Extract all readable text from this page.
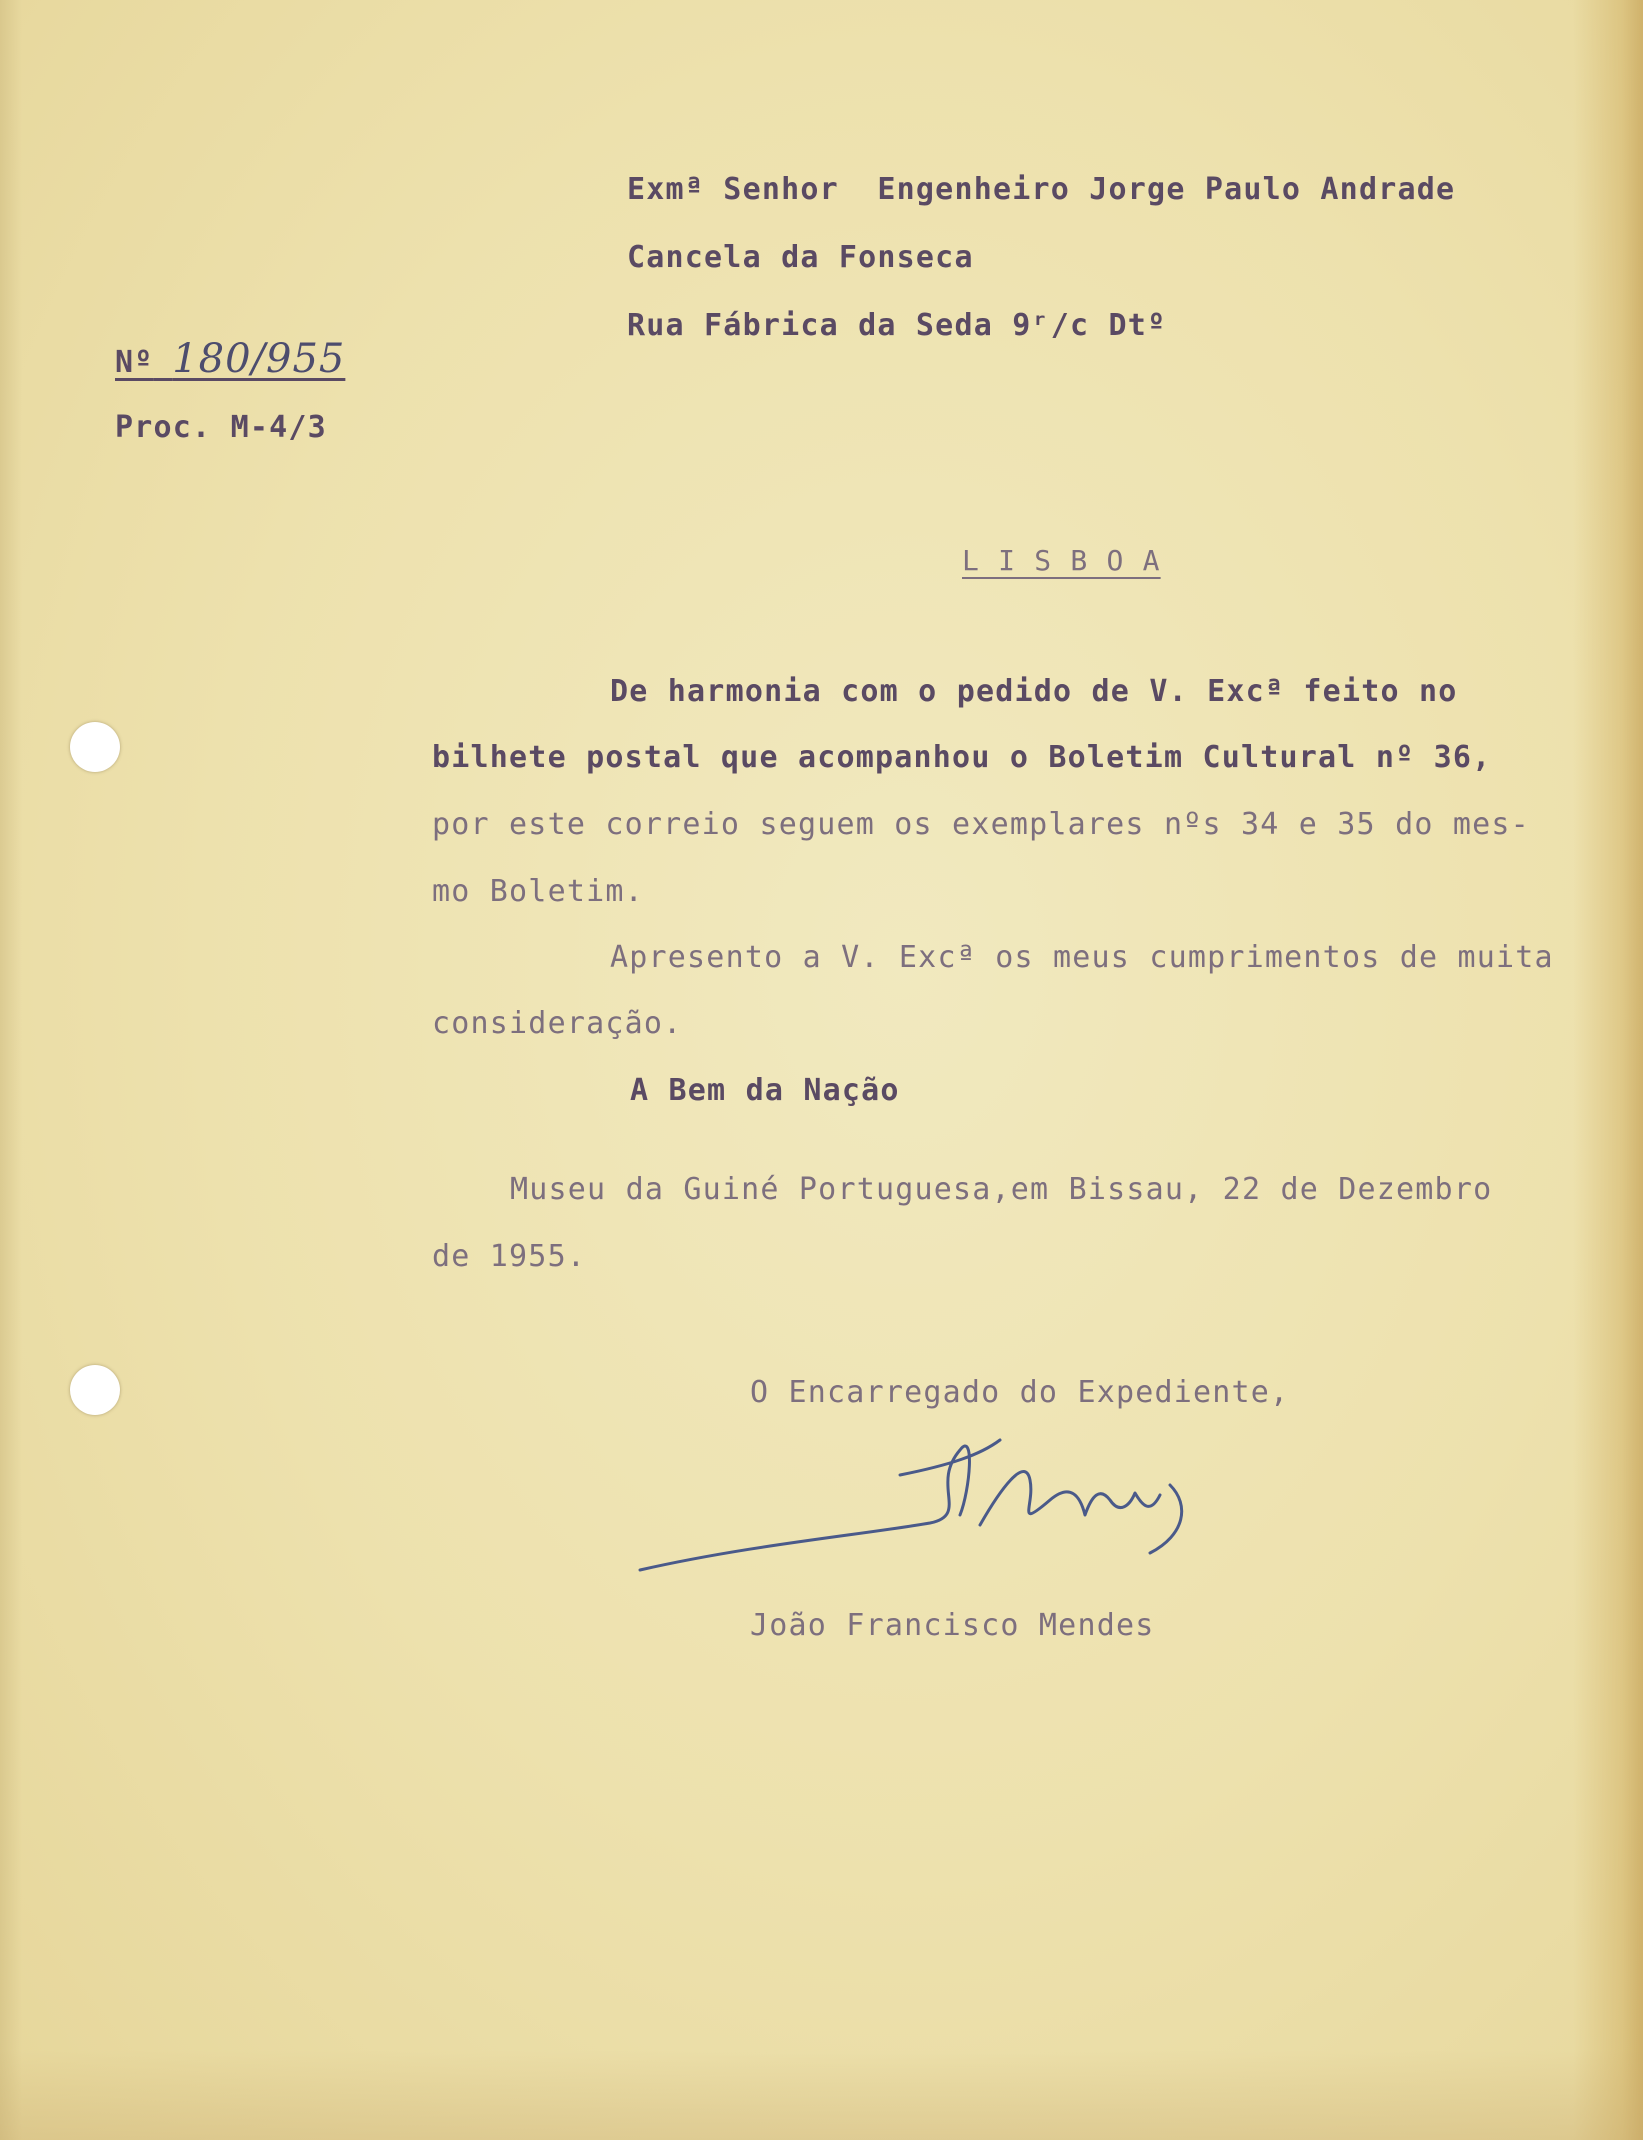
Exmª Senhor  Engenheiro Jorge Paulo Andrade
Cancela da Fonseca
Rua Fábrica da Seda 9ʳ/c Dtº
Nº 180/955
Proc. M-4/3
L I S B O A
De harmonia com o pedido de V. Excª feito no
bilhete postal que acompanhou o Boletim Cultural nº 36,
por este correio seguem os exemplares nºs 34 e 35 do mes-
mo Boletim.
Apresento a V. Excª os meus cumprimentos de muita
consideração.
A Bem da Nação
Museu da Guiné Portuguesa,em Bissau, 22 de Dezembro
de 1955.
O Encarregado do Expediente,
João Francisco Mendes
